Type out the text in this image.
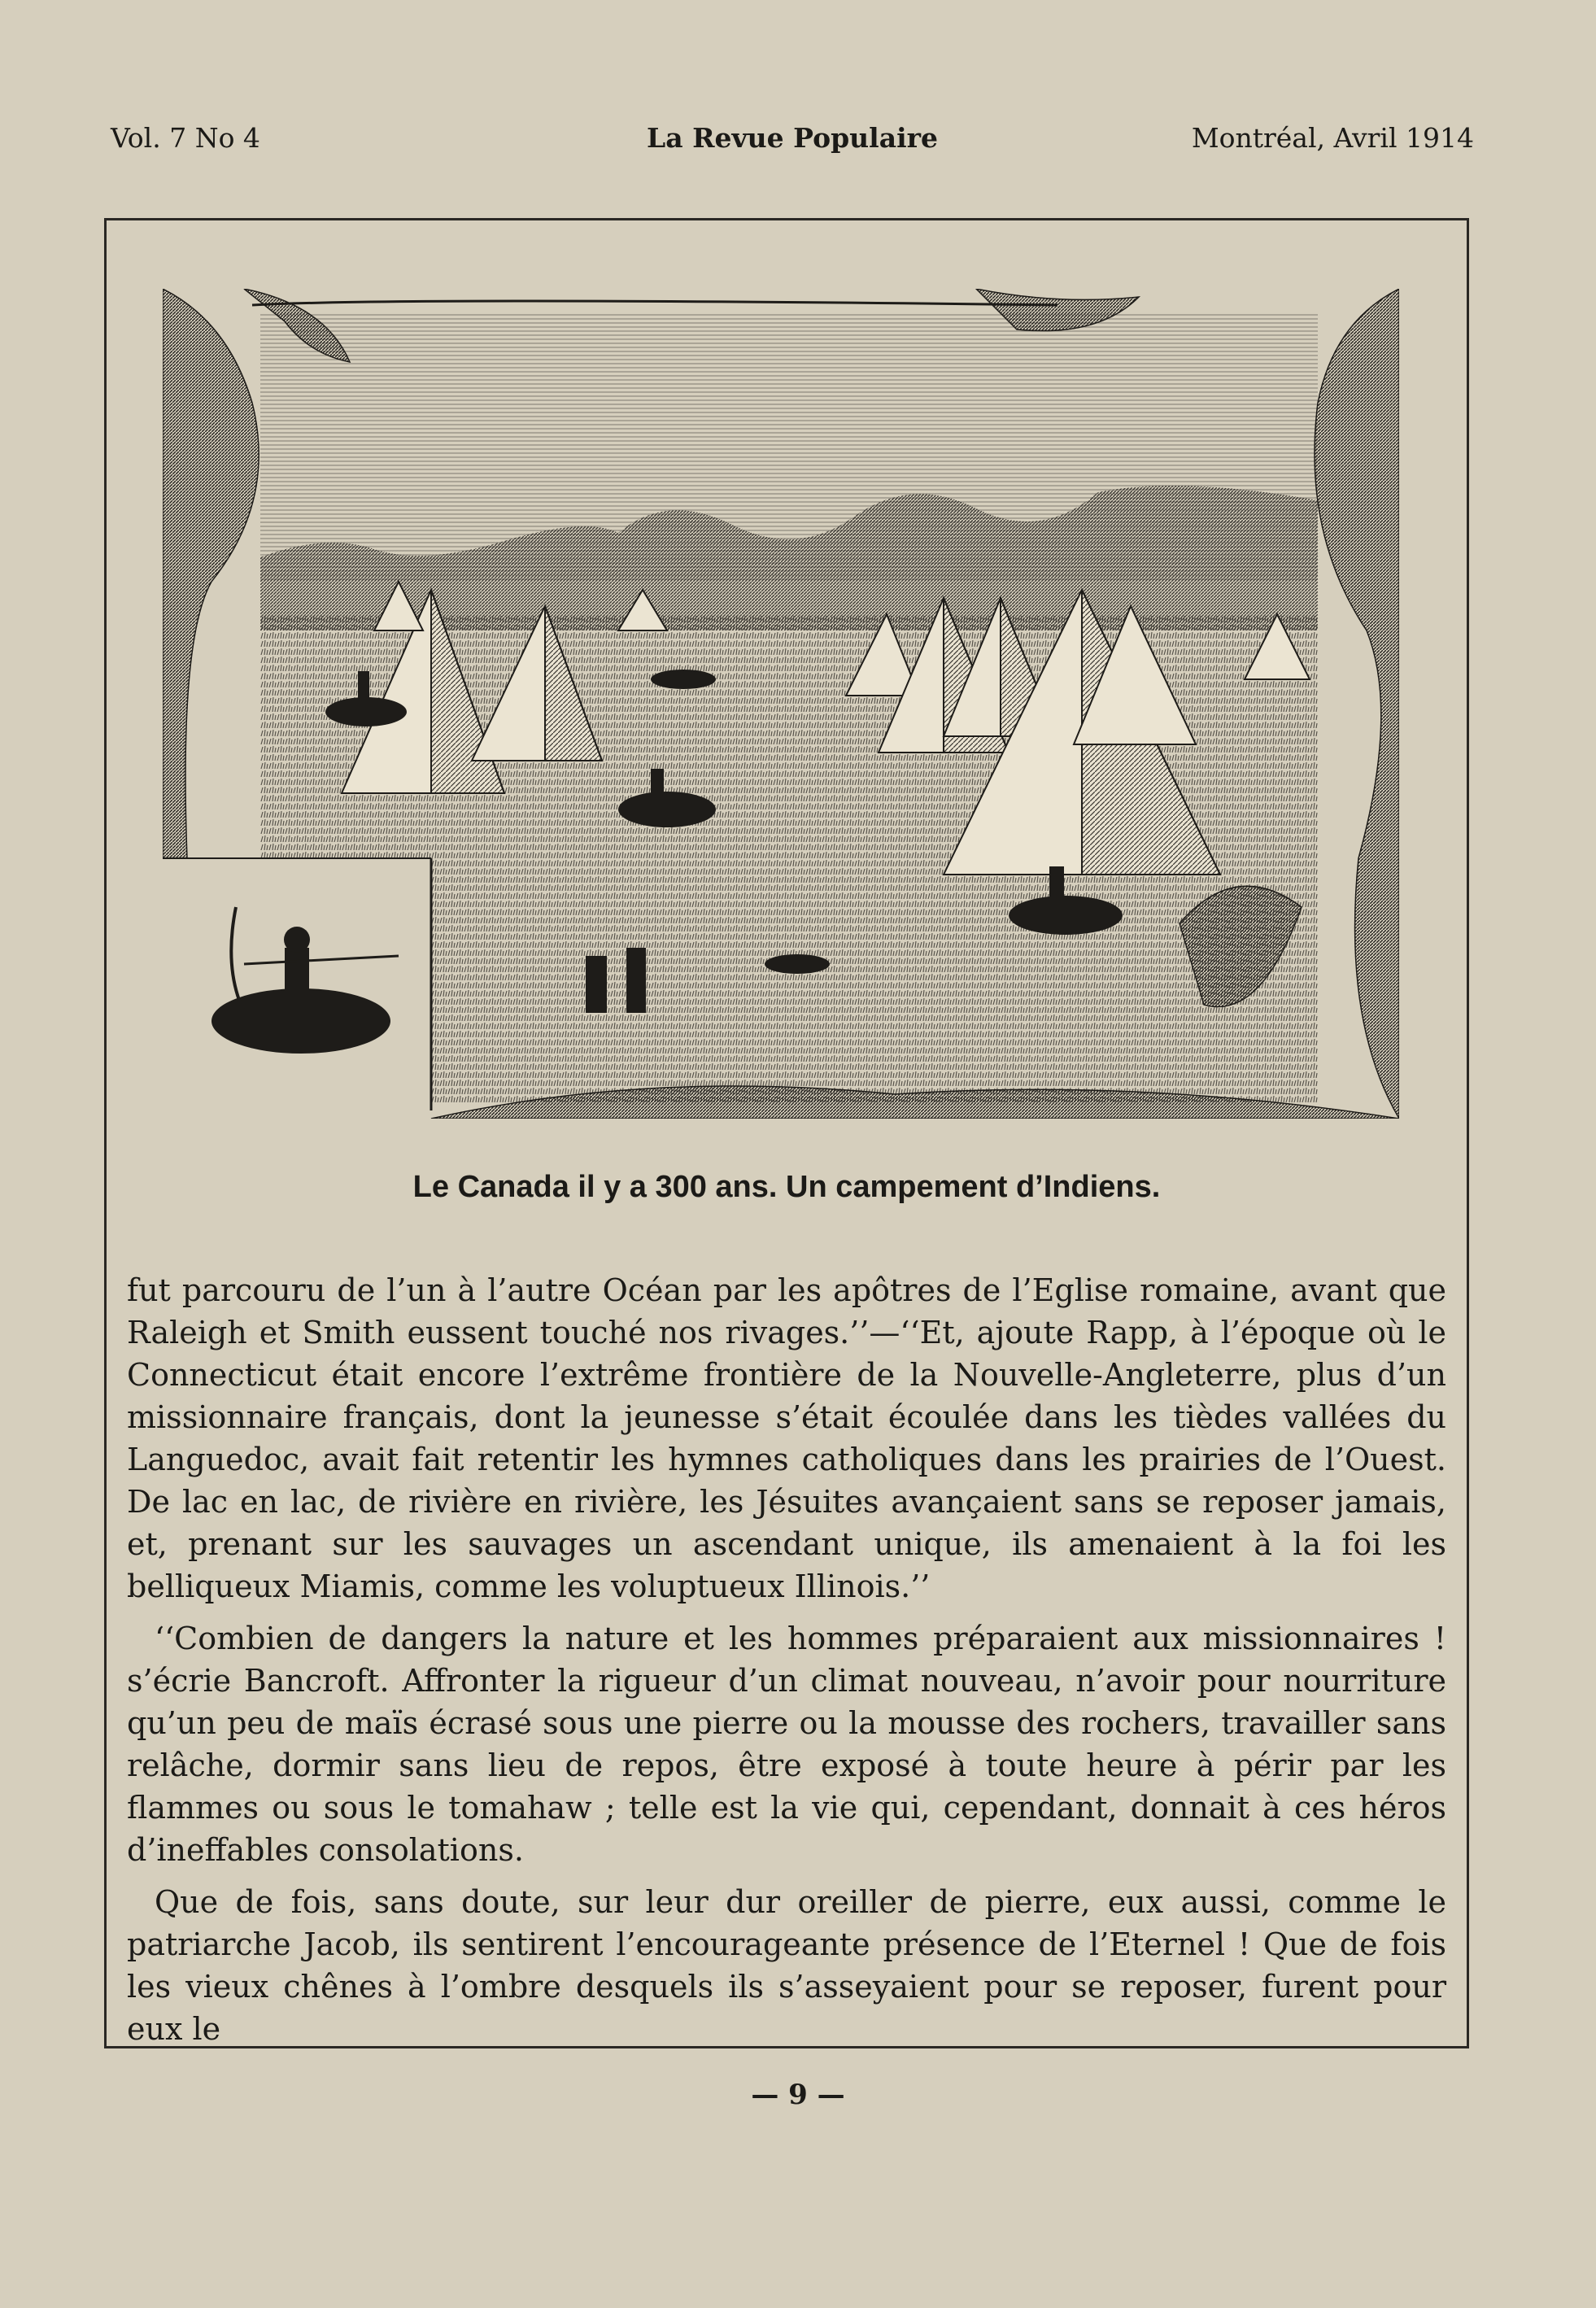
Vol. 7 No 4	La Revue Populaire	Montréal, Avril 1914
Le Canada il y a 300 ans. Un campement d’Indiens.

fut parcouru de l’un à l’autre Océan par les apôtres de l’Eglise romaine, avant que Raleigh et Smith eussent touché nos rivages.’’—‘‘Et, ajoute Rapp, à l’époque où le Connecticut était encore l’extrême frontière de la Nouvelle-Angleterre, plus d’un missionnaire français, dont la jeunesse s’était écoulée dans les tièdes vallées du Languedoc, avait fait retentir les hymnes catholiques dans les prairies de l’Ouest. De lac en lac, de rivière en rivière, les Jésuites avançaient sans se reposer jamais, et, prenant sur les sauvages un ascendant unique, ils amenaient à la foi les belliqueux Miamis, comme les voluptueux Illinois.’’

‘‘Combien de dangers la nature et les hommes préparaient aux missionnaires ! s’écrie Bancroft. Affronter la rigueur d’un climat nouveau, n’avoir pour nourriture qu’un peu de maïs écrasé sous une pierre ou la mousse des rochers, travailler sans relâche, dormir sans lieu de repos, être exposé à toute heure à périr par les flammes ou sous le tomahaw ; telle est la vie qui, cependant, donnait à ces héros d’ineffables consolations.

Que de fois, sans doute, sur leur dur oreiller de pierre, eux aussi, comme le patriarche Jacob, ils sentirent l’encourageante présence de l’Eternel ! Que de fois les vieux chênes à l’ombre desquels ils s’asseyaient pour se reposer, furent pour eux le

— 9 —
